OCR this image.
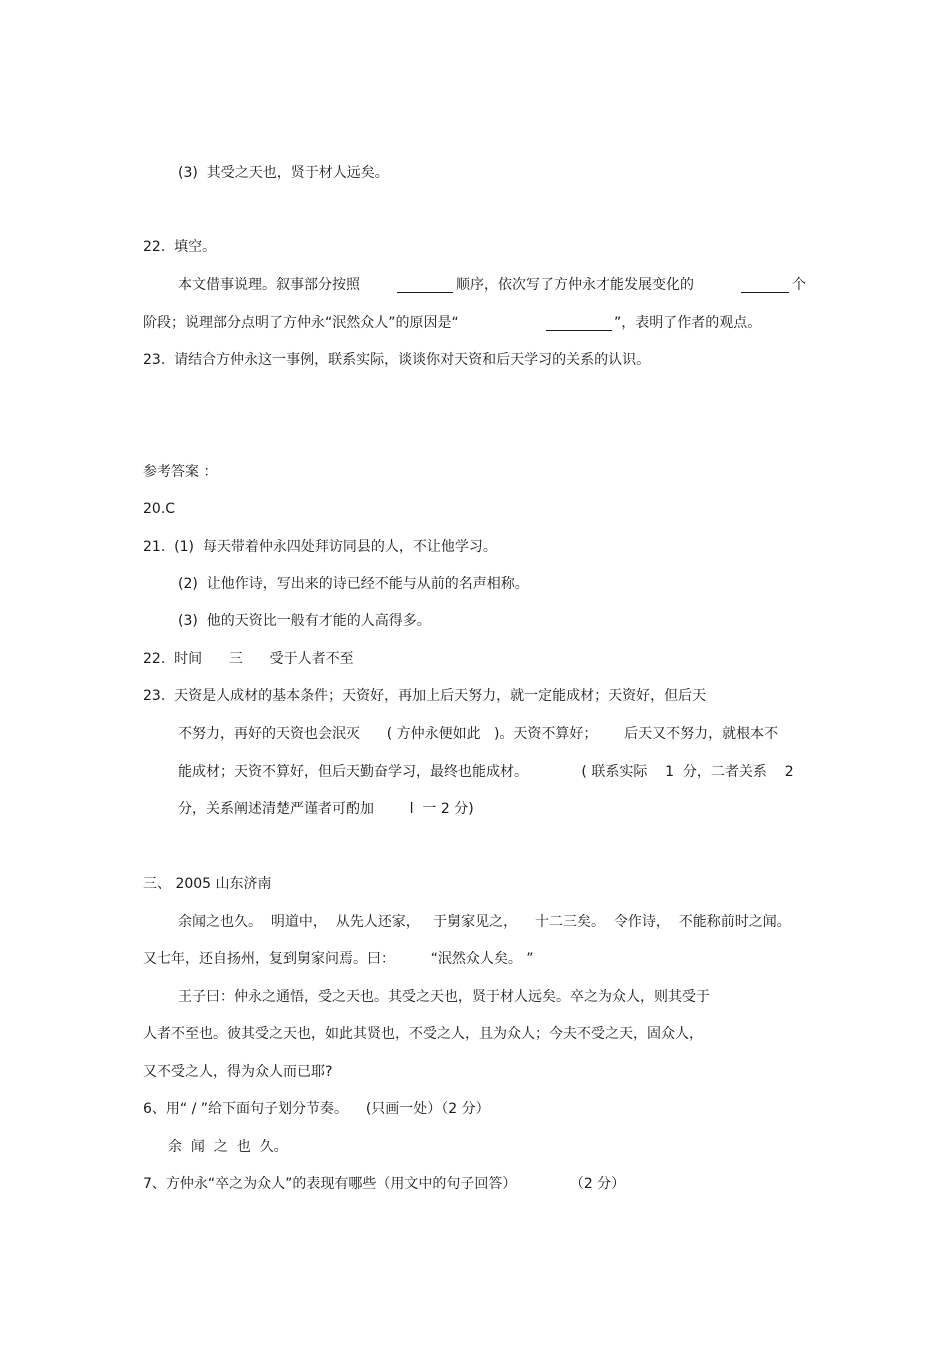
(3)  其受之天也，贤于材人远矣。
22.  填空。
本文借事说理。叙事部分按照	顺序，依次写了方仲永才能发展变化的	个
阶段；说理部分点明了方仲永“泯然众人”的原因是“	”，表明了作者的观点。
23.  请结合方仲永这一事例，联系实际，谈谈你对天资和后天学习的关系的认识。
参考答案 ：
20.C
21.  (1)  每天带着仲永四处拜访同县的人，不让他学习。
(2)  让他作诗，写出来的诗已经不能与从前的名声相称。
(3)  他的天资比一般有才能的人高得多。
22.  时间      三      受于人者不至
23.  天资是人成材的基本条件；天资好，再加上后天努力，就一定能成材；天资好，但后天
不努力，再好的天资也会泯灭      ( 方仲永便如此   )。天资不算好；      后天又不努力，就根本不
能成材；天资不算好，但后天勤奋学习，最终也能成材。            ( 联系实际    1  分，二者关系    2
分，关系阐述清楚严谨者可酌加        l  一 2 分)
三、 2005 山东济南
余闻之也久。  明道中，  从先人还家，   于舅家见之，    十二三矣。  令作诗，  不能称前时之闻。
又七年，还自扬州，复到舅家问焉。曰：        “泯然众人矣。 ”
王子曰：仲永之通悟，受之天也。其受之天也，贤于材人远矣。卒之为众人，则其受于
人者不至也。彼其受之天也，如此其贤也，不受之人，且为众人；今夫不受之天，固众人，
又不受之人，得为众人而已耶?
6、用“ / ”给下面句子划分节奏。    (只画一处）（2 分）
余  闻  之  也  久。
7、方仲永“卒之为众人”的表现有哪些（用文中的句子回答）            （2 分）
